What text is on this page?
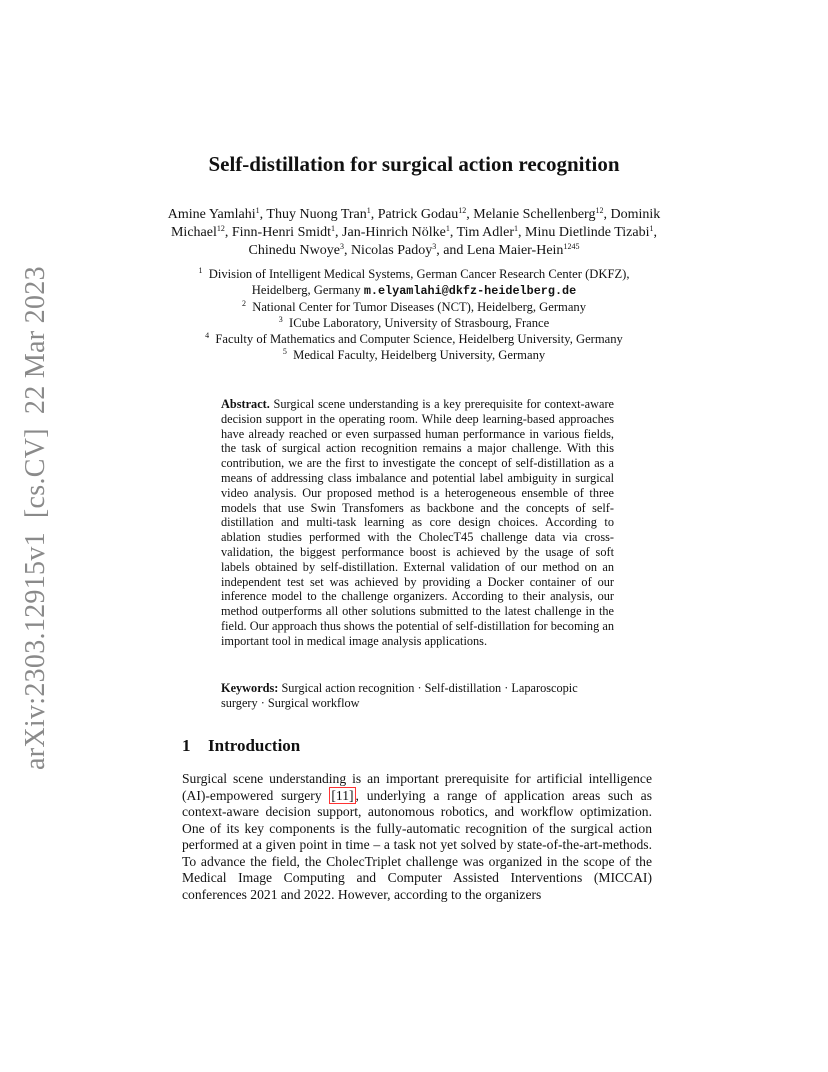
arXiv:2303.12915v1[cs.CV]22 Mar 2023
Self-distillation for surgical action recognition
Amine Yamlahi$^1$, Thuy Nuong Tran$^1$, Patrick Godau$^{12}$, Melanie Schellenberg$^{12}$, Dominik Michael$^{12}$, Finn-Henri Smidt$^1$, Jan-Hinrich Nölke$^1$, Tim Adler$^1$, Minu Dietlinde Tizabi$^1$, Chinedu Nwoye$^3$, Nicolas Padoy$^3$, and Lena Maier-Hein$^{1245}$
$^1$ Division of Intelligent Medical Systems, German Cancer Research Center (DKFZ),
Heidelberg, Germany m.elyamlahi@dkfz-heidelberg.de
$^2$ National Center for Tumor Diseases (NCT), Heidelberg, Germany
$^3$ ICube Laboratory, University of Strasbourg, France
$^4$ Faculty of Mathematics and Computer Science, Heidelberg University, Germany
$^5$ Medical Faculty, Heidelberg University, Germany
Abstract. Surgical scene understanding is a key prerequisite for context-aware decision support in the operating room. While deep learning-based approaches have already reached or even surpassed human performance in various fields, the task of surgical action recognition remains a major challenge. With this contribution, we are the first to investigate the concept of self-distillation as a means of addressing class imbalance and potential label ambiguity in surgical video analysis. Our proposed method is a heterogeneous ensemble of three models that use Swin Transfomers as backbone and the concepts of self-distillation and multi-task learning as core design choices. According to ablation studies performed with the CholecT45 challenge data via cross-validation, the biggest performance boost is achieved by the usage of soft labels obtained by self-distillation. External validation of our method on an independent test set was achieved by providing a Docker container of our inference model to the challenge organizers. According to their analysis, our method outperforms all other solutions submitted to the latest challenge in the field. Our approach thus shows the potential of self-distillation for becoming an important tool in medical image analysis applications.
Keywords: Surgical action recognition · Self-distillation · Laparoscopic surgery · Surgical workflow
1 Introduction
Surgical scene understanding is an important prerequisite for artificial intelligence (AI)-empowered surgery [11] , underlying a range of application areas such as context-aware decision support, autonomous robotics, and workflow optimization. One of its key components is the fully-automatic recognition of the surgical action performed at a given point in time – a task not yet solved by state-of-the-art-methods. To advance the field, the CholecTriplet challenge was organized in the scope of the Medical Image Computing and Computer Assisted Interventions (MICCAI) conferences 2021 and 2022. However, according to the organizers
